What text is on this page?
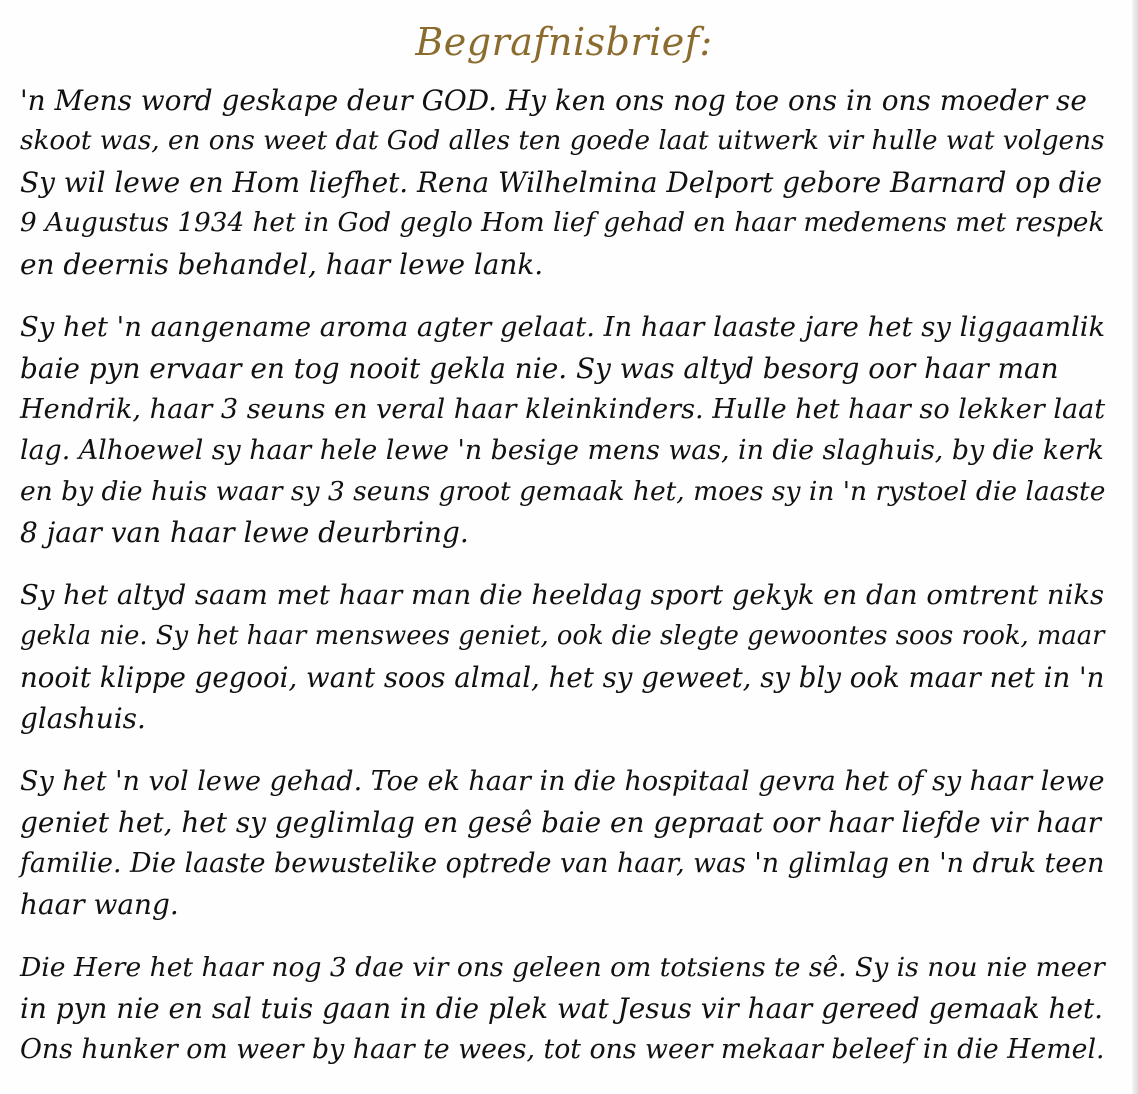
Begrafnisbrief:
'n Mens word geskape deur GOD. Hy ken ons nog toe ons in ons moeder se
skoot was, en ons weet dat God alles ten goede laat uitwerk vir hulle wat volgens
Sy wil lewe en Hom liefhet. Rena Wilhelmina Delport gebore Barnard op die
9 Augustus 1934 het in God geglo Hom lief gehad en haar medemens met respek
en deernis behandel, haar lewe lank.
Sy het 'n aangename aroma agter gelaat. In haar laaste jare het sy liggaamlik
baie pyn ervaar en tog nooit gekla nie. Sy was altyd besorg oor haar man
Hendrik, haar 3 seuns en veral haar kleinkinders. Hulle het haar so lekker laat
lag. Alhoewel sy haar hele lewe 'n besige mens was, in die slaghuis, by die kerk
en by die huis waar sy 3 seuns groot gemaak het, moes sy in 'n rystoel die laaste
8 jaar van haar lewe deurbring.
Sy het altyd saam met haar man die heeldag sport gekyk en dan omtrent niks
gekla nie. Sy het haar menswees geniet, ook die slegte gewoontes soos rook, maar
nooit klippe gegooi, want soos almal, het sy geweet, sy bly ook maar net in 'n
glashuis.
Sy het 'n vol lewe gehad. Toe ek haar in die hospitaal gevra het of sy haar lewe
geniet het, het sy geglimlag en gesê baie en gepraat oor haar liefde vir haar
familie. Die laaste bewustelike optrede van haar, was 'n glimlag en 'n druk teen
haar wang.
Die Here het haar nog 3 dae vir ons geleen om totsiens te sê. Sy is nou nie meer
in pyn nie en sal tuis gaan in die plek wat Jesus vir haar gereed gemaak het.
Ons hunker om weer by haar te wees, tot ons weer mekaar beleef in die Hemel.
